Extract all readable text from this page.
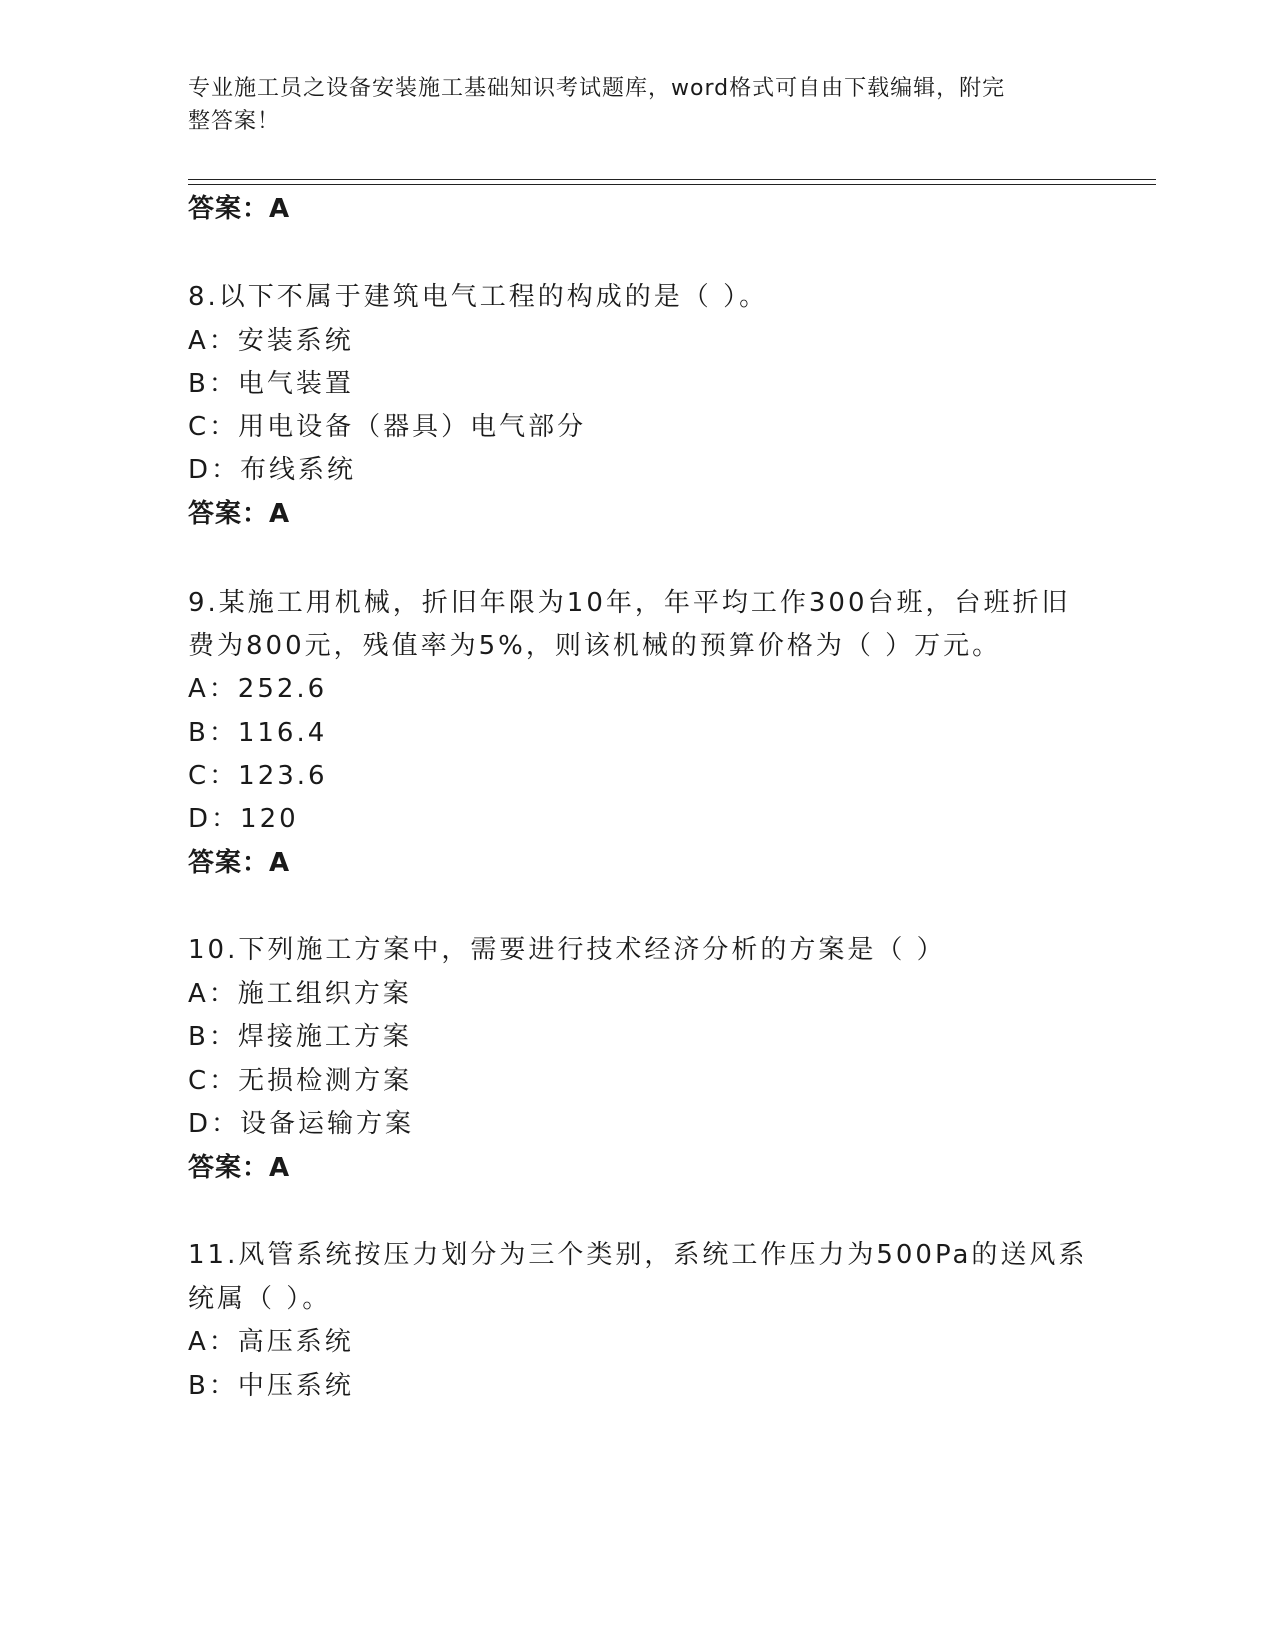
专业施工员之设备安装施工基础知识考试题库，word格式可自由下载编辑，附完
整答案！
答案：A
8.以下不属于建筑电气工程的构成的是（ ）。
A：安装系统
B：电气装置
C：用电设备（器具）电气部分
D：布线系统
答案：A
9.某施工用机械，折旧年限为10年，年平均工作300台班，台班折旧
费为800元，残值率为5%，则该机械的预算价格为（ ）万元。
A：252.6
B：116.4
C：123.6
D：120
答案：A
10.下列施工方案中，需要进行技术经济分析的方案是（ ）
A：施工组织方案
B：焊接施工方案
C：无损检测方案
D：设备运输方案
答案：A
11.风管系统按压力划分为三个类别，系统工作压力为500Pa的送风系
统属（ ）。
A：高压系统
B：中压系统
